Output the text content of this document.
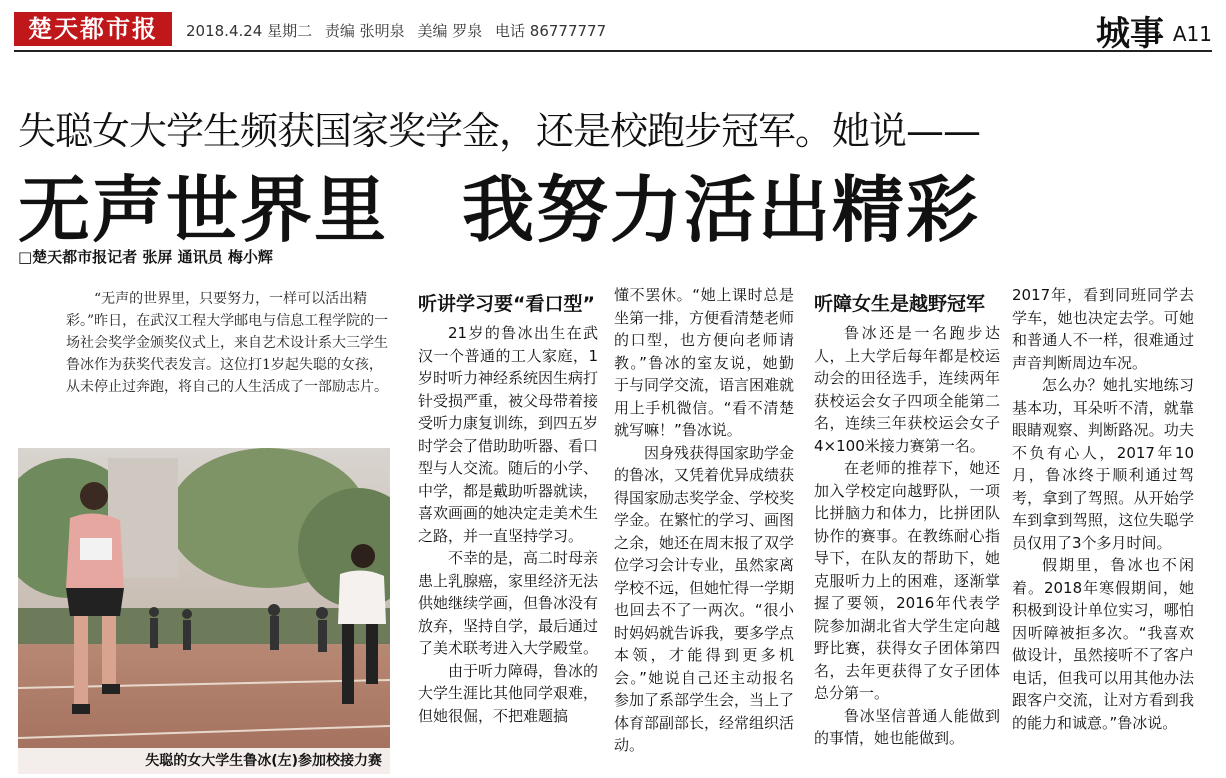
楚天都市报	2018.4.24 星期二 责编 张明泉 美编 罗泉 电话 86777777	城事 A11
失聪女大学生频获国家奖学金，还是校跑步冠军。她说——
无声世界里　我努力活出精彩
□楚天都市报记者 张屏 通讯员 梅小辉
“无声的世界里，只要努力，一样可以活出精彩。”昨日，在武汉工程大学邮电与信息工程学院的一场社会奖学金颁奖仪式上，来自艺术设计系大三学生鲁冰作为获奖代表发言。这位打1岁起失聪的女孩，从未停止过奔跑，将自己的人生活成了一部励志片。
失聪的女大学生鲁冰(左)参加校接力赛
听讲学习要“看口型”

21岁的鲁冰出生在武汉一个普通的工人家庭，1岁时听力神经系统因生病打针受损严重，被父母带着接受听力康复训练，到四五岁时学会了借助助听器、看口型与人交流。随后的小学、中学，都是戴助听器就读，喜欢画画的她决定走美术生之路，并一直坚持学习。

不幸的是，高二时母亲患上乳腺癌，家里经济无法供她继续学画，但鲁冰没有放弃，坚持自学，最后通过了美术联考进入大学殿堂。

由于听力障碍，鲁冰的大学生涯比其他同学艰难，但她很倔，不把难题搞

懂不罢休。“她上课时总是坐第一排，方便看清楚老师的口型，也方便向老师请教。”鲁冰的室友说，她勤于与同学交流，语言困难就用上手机微信。“看不清楚就写嘛！”鲁冰说。

因身残获得国家助学金的鲁冰，又凭着优异成绩获得国家励志奖学金、学校奖学金。在繁忙的学习、画图之余，她还在周末报了双学位学习会计专业，虽然家离学校不远，但她忙得一学期也回去不了一两次。“很小时妈妈就告诉我，要多学点本领，才能得到更多机会。”她说自己还主动报名参加了系部学生会，当上了体育部副部长，经常组织活动。

听障女生是越野冠军

鲁冰还是一名跑步达人，上大学后每年都是校运动会的田径选手，连续两年获校运会女子四项全能第二名，连续三年获校运会女子4×100米接力赛第一名。

在老师的推荐下，她还加入学校定向越野队，一项比拼脑力和体力，比拼团队协作的赛事。在教练耐心指导下，在队友的帮助下，她克服听力上的困难，逐渐掌握了要领，2016年代表学院参加湖北省大学生定向越野比赛，获得女子团体第四名，去年更获得了女子团体总分第一。

鲁冰坚信普通人能做到的事情，她也能做到。

2017年，看到同班同学去学车，她也决定去学。可她和普通人不一样，很难通过声音判断周边车况。

怎么办？她扎实地练习基本功，耳朵听不清，就靠眼睛观察、判断路况。功夫不负有心人，2017年10月，鲁冰终于顺利通过驾考，拿到了驾照。从开始学车到拿到驾照，这位失聪学员仅用了3个多月时间。

假期里，鲁冰也不闲着。2018年寒假期间，她积极到设计单位实习，哪怕因听障被拒多次。“我喜欢做设计，虽然接听不了客户电话，但我可以用其他办法跟客户交流，让对方看到我的能力和诚意。”鲁冰说。
